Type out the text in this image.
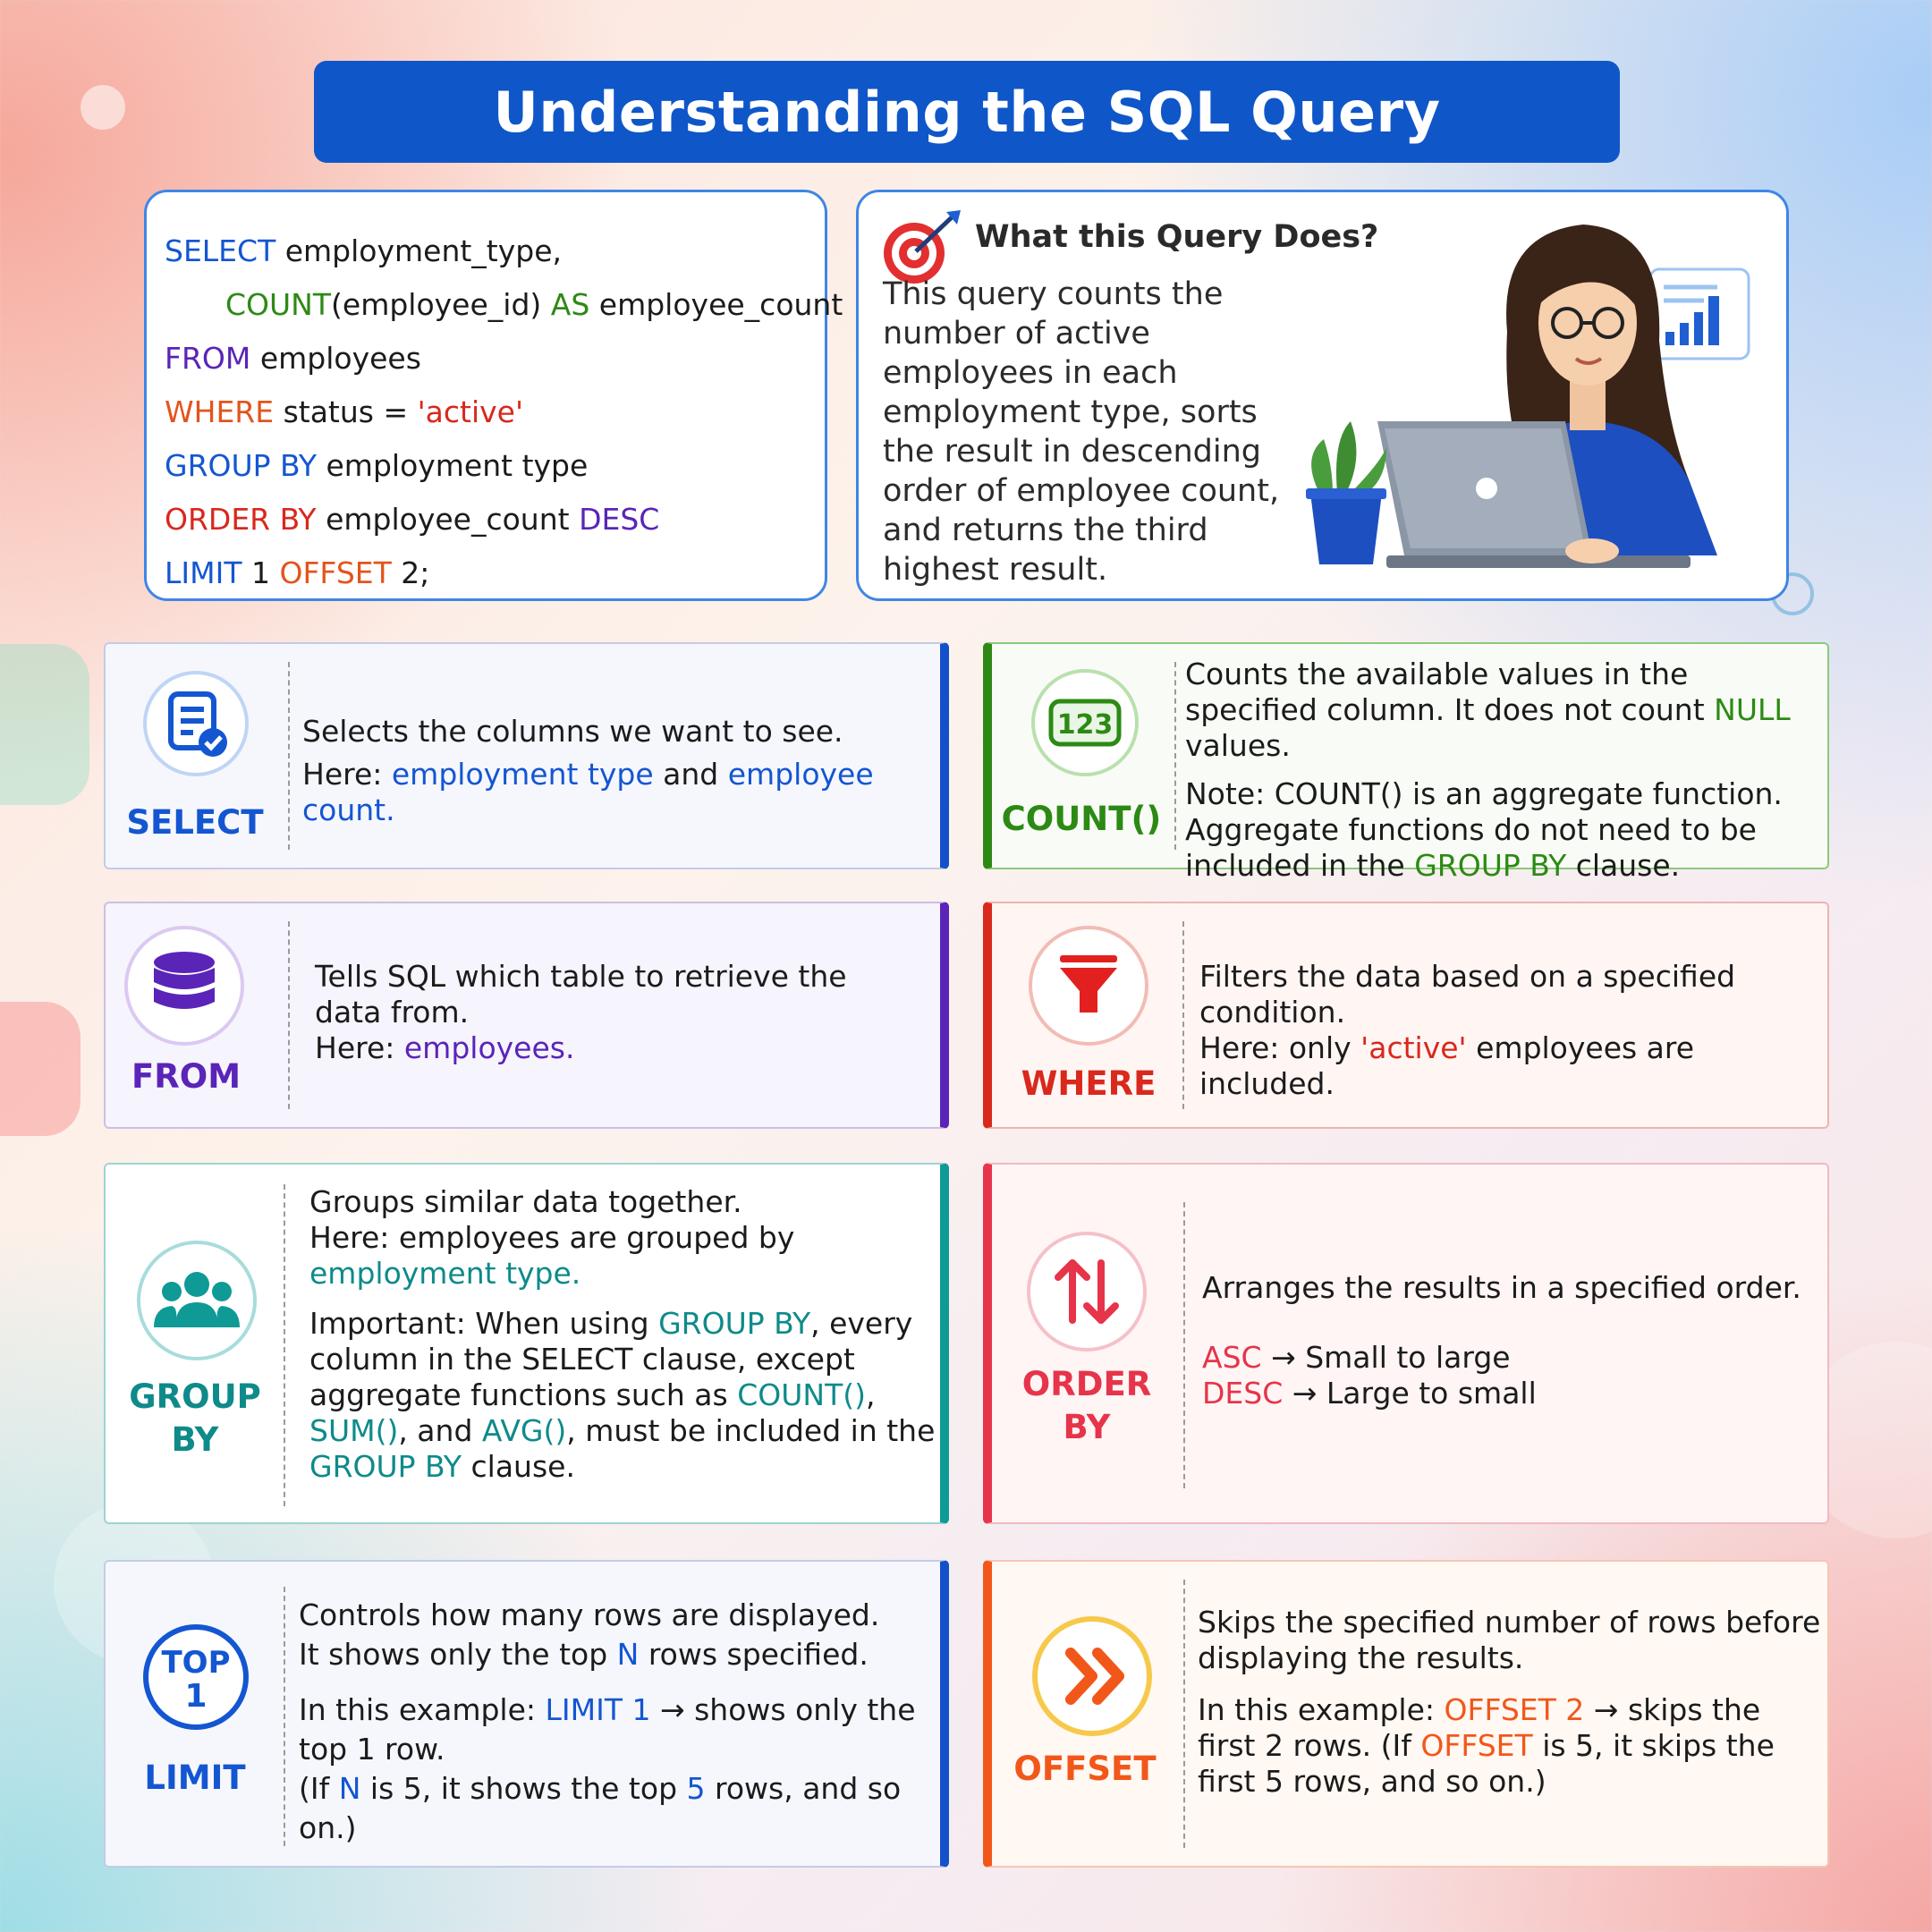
Understanding the SQL Query
SELECT employment_type,
COUNT(employee_id) AS employee_count
FROM employees
WHERE status = 'active'
GROUP BY employment type
ORDER BY employee_count DESC
LIMIT 1 OFFSET 2;
What this Query Does?
This query counts the number of active employees in each employment type, sorts the result in descending order of employee count, and returns the third highest result.
SELECT

Selects the columns we want to see.

Here: employment type and employee count.

123
COUNT()

Counts the available values in the specified column. It does not count NULL values.

Note: COUNT() is an aggregate function. Aggregate functions do not need to be included in the GROUP BY clause.

FROM

Tells SQL which table to retrieve the data from.

Here: employees.

WHERE

Filters the data based on a specified condition.

Here: only 'active' employees are included.

GROUP
BY

Groups similar data together.

Here: employees are grouped by

employment type.

Important: When using GROUP BY, every column in the SELECT clause, except aggregate functions such as COUNT(), SUM(), and AVG(), must be included in the GROUP BY clause.

ORDER
BY

Arranges the results in a specified order.

ASC → Small to large

DESC → Large to small

TOP
1
LIMIT

Controls how many rows are displayed.

It shows only the top N rows specified.

In this example: LIMIT 1 → shows only the top 1 row.

(If N is 5, it shows the top 5 rows, and so on.)

OFFSET

Skips the specified number of rows before displaying the results.

In this example: OFFSET 2 → skips the first 2 rows. (If OFFSET is 5, it skips the first 5 rows, and so on.)
